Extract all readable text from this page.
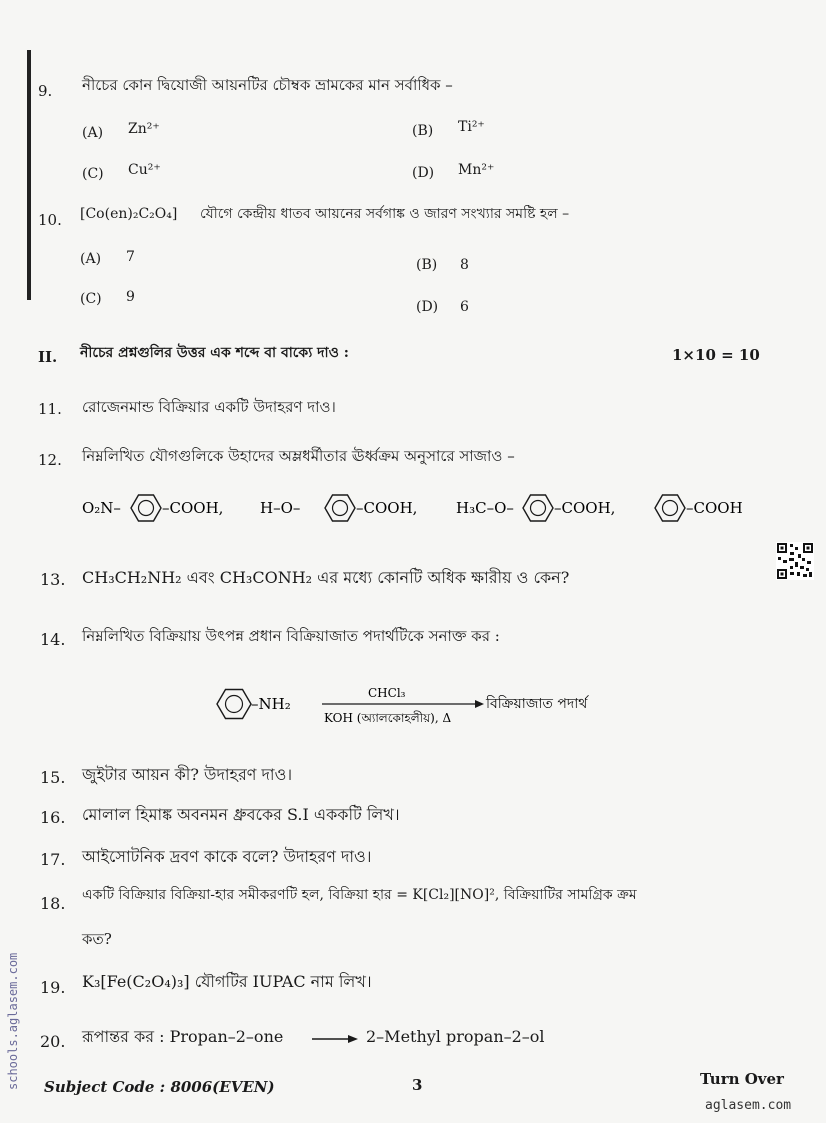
9. নীচের কোন দ্বিযোজী আয়নটির চৌম্বক ভ্রামকের মান সর্বাধিক –
(A) Zn²⁺	(B) Ti²⁺
(C) Cu²⁺	(D) Mn²⁺
10. [Co(en)₂C₂O₄] যৌগে কেন্দ্রীয় ধাতব আয়নের সর্বগাঙ্ক ও জারণ সংখ্যার সমষ্টি হল –
(A) 7	(B) 8
(C) 9
(D) 6
II. নীচের প্রশ্নগুলির উত্তর এক শব্দে বা বাক্যে দাও :	1×10 = 10
11. রোজেনমান্ড বিক্রিয়ার একটি উদাহরণ দাও।
12. নিম্নলিখিত যৌগগুলিকে উহাদের অম্লধর্মীতার ঊর্ধ্বক্রম অনুসারে সাজাও –
O₂N–	–COOH, H–O–	–COOH,	H₃C–O–	–COOH,	–COOH
13. CH₃CH₂NH₂ এবং CH₃CONH₂ এর মধ্যে কোনটি অধিক ক্ষারীয় ও কেন?
14. নিম্নলিখিত বিক্রিয়ায় উৎপন্ন প্রধান বিক্রিয়াজাত পদার্থটিকে সনাক্ত কর :
–NH₂
CHCl₃
KOH (অ্যালকোহলীয়), Δ
বিক্রিয়াজাত পদার্থ
15. জুইটার আয়ন কী? উদাহরণ দাও।
16. মোলাল হিমাঙ্ক অবনমন ধ্রুবকের S.I এককটি লিখ।
17. আইসোটনিক দ্রবণ কাকে বলে? উদাহরণ দাও।
18. একটি বিক্রিয়ার বিক্রিয়া-হার সমীকরণটি হল, বিক্রিয়া হার = K[Cl₂][NO]², বিক্রিয়াটির সামগ্রিক ক্রম
কত?
19. K₃[Fe(C₂O₄)₃] যৌগটির IUPAC নাম লিখ।
20. রূপান্তর কর : Propan–2–one	2–Methyl propan–2–ol
Subject Code : 8006(EVEN)	3	Turn Over
schools.aglasem.com
aglasem.com
